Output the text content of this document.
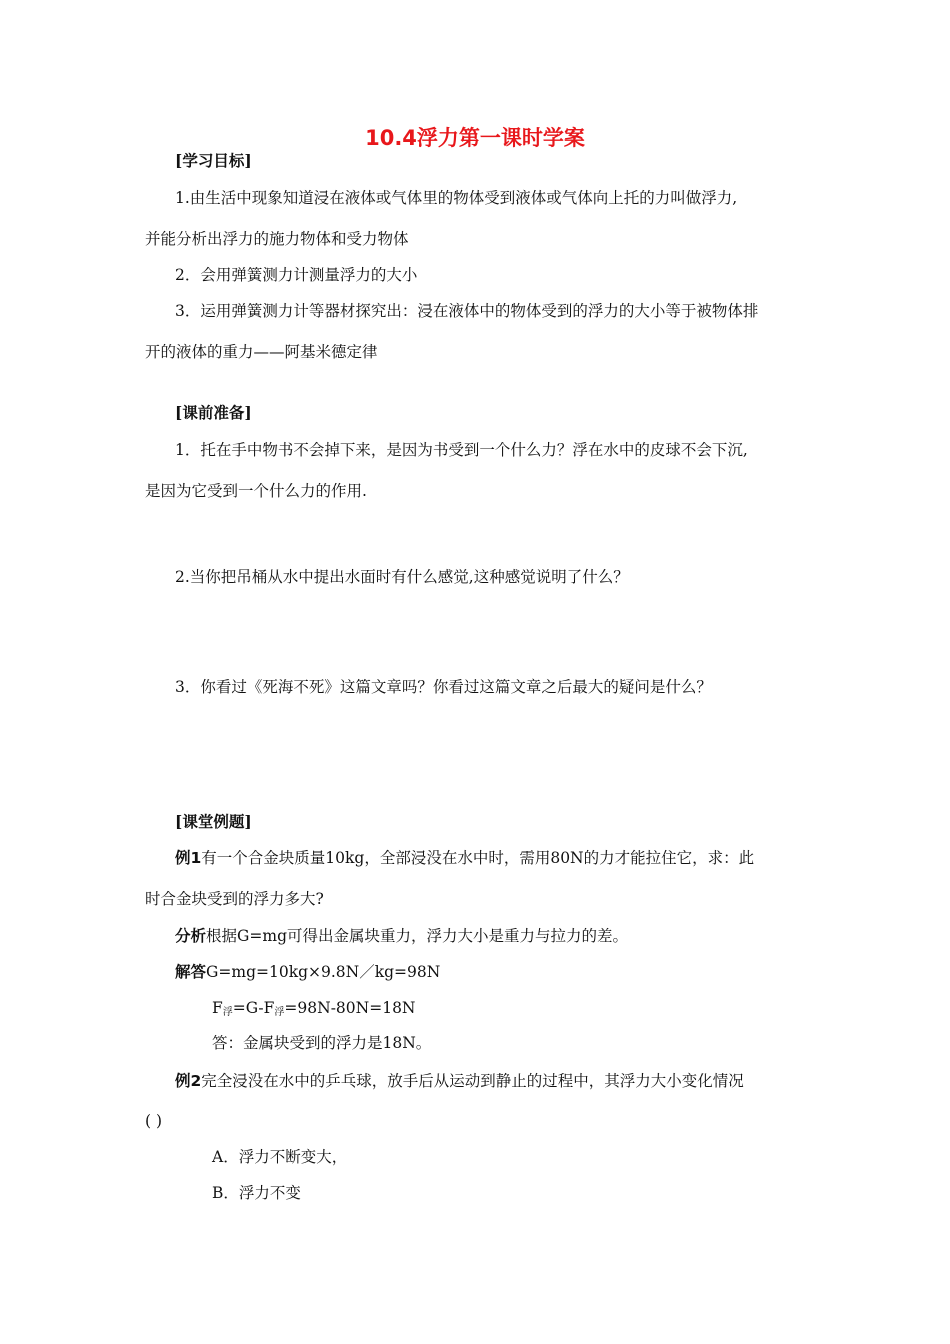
10.4浮力第一课时学案
[学习目标]
1.由生活中现象知道浸在液体或气体里的物体受到液体或气体向上托的力叫做浮力,
并能分析出浮力的施力物体和受力物体
2．会用弹簧测力计测量浮力的大小
3．运用弹簧测力计等器材探究出：浸在液体中的物体受到的浮力的大小等于被物体排
开的液体的重力——阿基米德定律
[课前准备]
1．托在手中物书不会掉下来，是因为书受到一个什么力？浮在水中的皮球不会下沉,
是因为它受到一个什么力的作用.
2.当你把吊桶从水中提出水面时有什么感觉,这种感觉说明了什么？
3．你看过《死海不死》这篇文章吗？你看过这篇文章之后最大的疑问是什么？
[课堂例题]
例1有一个合金块质量10kg，全部浸没在水中时，需用80N的力才能拉住它，求：此
时合金块受到的浮力多大?
分析根据G=mg可得出金属块重力，浮力大小是重力与拉力的差。
解答G=mg=10kg×9.8N／kg=98N
$F_浮=G-F_浮=98N-80N=18N$
答：金属块受到的浮力是18N。
例2完全浸没在水中的乒乓球，放手后从运动到静止的过程中，其浮力大小变化情况
( )
A．浮力不断变大，
B．浮力不变
